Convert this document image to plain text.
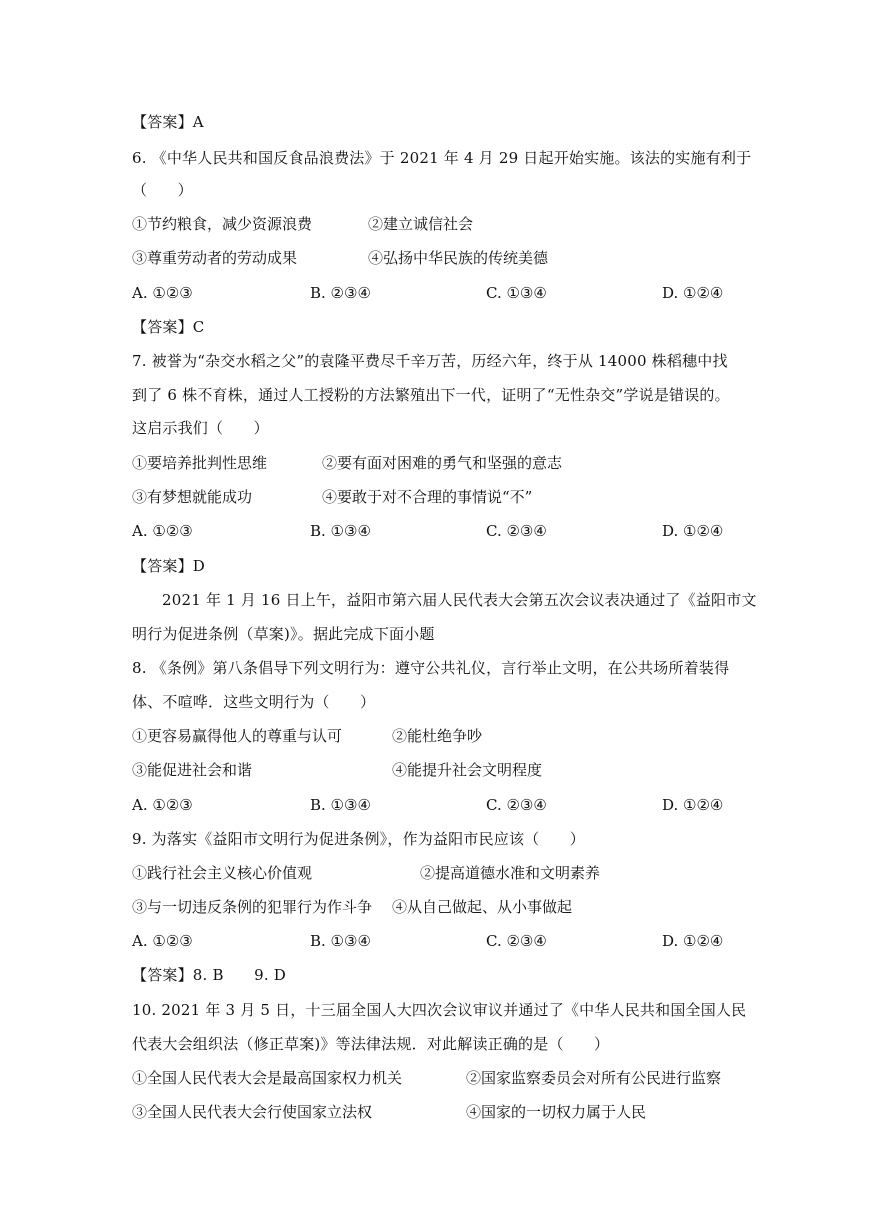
【答案】A
6. 《中华人民共和国反食品浪费法》于 2021 年 4 月 29 日起开始实施。该法的实施有利于
（　　）
①节约粮食，减少资源浪费	②建立诚信社会
③尊重劳动者的劳动成果	④弘扬中华民族的传统美德
A. ①②③	B. ②③④	C. ①③④	D. ①②④
【答案】C
7. 被誉为“杂交水稻之父”的袁隆平费尽千辛万苦，历经六年，终于从 14000 株稻穗中找
到了 6 株不育株，通过人工授粉的方法繁殖出下一代，证明了“无性杂交”学说是错误的。
这启示我们（　　）
①要培养批判性思维	②要有面对困难的勇气和坚强的意志
③有梦想就能成功	④要敢于对不合理的事情说“不”
A. ①②③	B. ①③④	C. ②③④	D. ①②④
【答案】D
2021 年 1 月 16 日上午，益阳市第六届人民代表大会第五次会议表决通过了《益阳市文
明行为促进条例（草案)》。据此完成下面小题
8. 《条例》第八条倡导下列文明行为：遵守公共礼仪，言行举止文明，在公共场所着装得
体、不喧哗．这些文明行为（　　）
①更容易赢得他人的尊重与认可	②能杜绝争吵
③能促进社会和谐	④能提升社会文明程度
A. ①②③	B. ①③④	C. ②③④	D. ①②④
9. 为落实《益阳市文明行为促进条例》，作为益阳市民应该（　　）
①践行社会主义核心价值观	②提高道德水准和文明素养
③与一切违反条例的犯罪行为作斗争 ④从自己做起、从小事做起
A. ①②③	B. ①③④	C. ②③④	D. ①②④
【答案】8. B　　9. D
10. 2021 年 3 月 5 日，十三届全国人大四次会议审议并通过了《中华人民共和国全国人民
代表大会组织法（修正草案)》等法律法规．对此解读正确的是（　　）
①全国人民代表大会是最高国家权力机关	②国家监察委员会对所有公民进行监察
③全国人民代表大会行使国家立法权	④国家的一切权力属于人民
